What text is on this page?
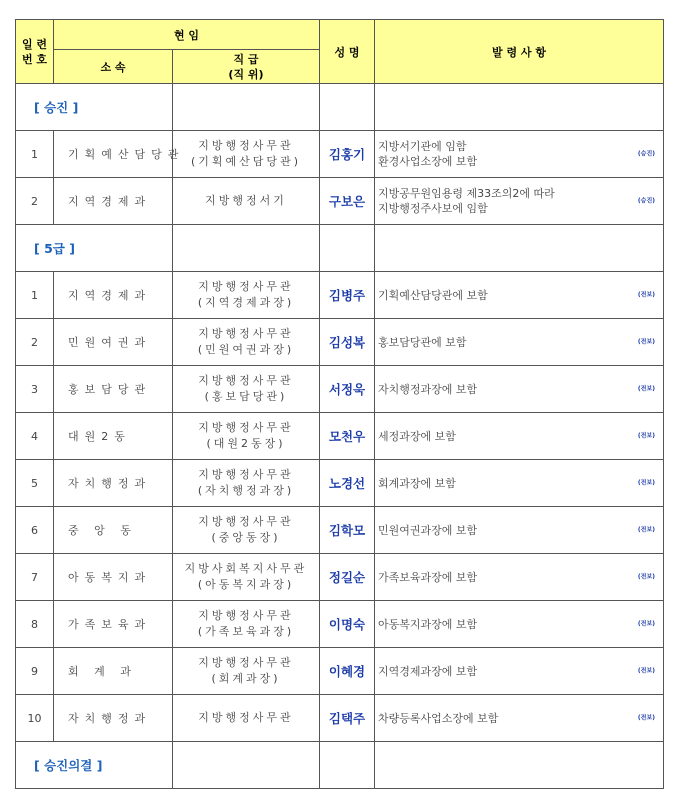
일 련
번 호	현 임		성 명	발 령 사 항
	소 속	직 급
(직 위)		
[ 승진 ]				
1	기획예산담당관	지방행정사무관
(기획예산담당관)	김홍기	지방서기관에 임함
환경사업소장에 보함
(승진)

2	지역경제과	지방행정서기	구보은	지방공무원임용령 제33조의2에 따라
지방행정주사보에 임함
(승진)

[ 5급 ]				
1	지역경제과	지방행정사무관
(지역경제과장)	김병주	기획예산담당관에 보함 (전보)

2	민원여권과	지방행정사무관
(민원여권과장)	김성복	홍보담당관에 보함 (전보)

3	홍보담당관	지방행정사무관
(홍보담당관)	서정욱	자치행정과장에 보함 (전보)

4	대원2동	지방행정사무관
(대원2동장)	모천우	세정과장에 보함 (전보)

5	자치행정과	지방행정사무관
(자치행정과장)	노경선	회계과장에 보함 (전보)

6	중 앙 동	지방행정사무관
(중앙동장)	김학모	민원여권과장에 보함 (전보)

7	아동복지과	지방사회복지사무관
(아동복지과장)	정길순	가족보육과장에 보함 (전보)

8	가족보육과	지방행정사무관
(가족보육과장)	이명숙	아동복지과장에 보함 (전보)

9	회 계 과	지방행정사무관
(회계과장)	이혜경	지역경제과장에 보함 (전보)

10	자치행정과	지방행정사무관	김택주	차량등록사업소장에 보함 (전보)

[ 승진의결 ]				
